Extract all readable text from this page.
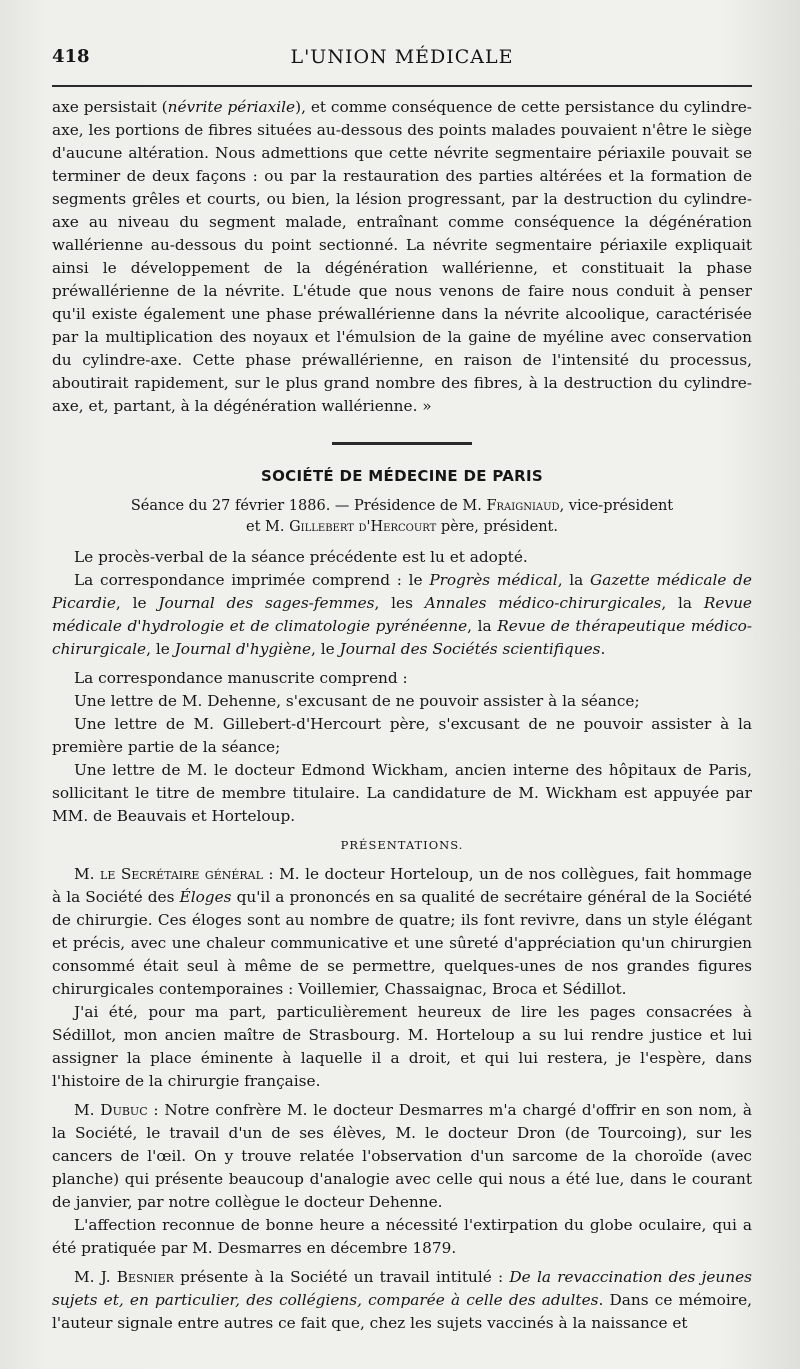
418	L'UNION MÉDICALE

axe persistait (névrite périaxile), et comme conséquence de cette persistance du cylindre-axe, les portions de fibres situées au-dessous des points malades pouvaient n'être le siège d'aucune altération. Nous admettions que cette névrite segmentaire périaxile pouvait se terminer de deux façons : ou par la restauration des parties altérées et la formation de segments grêles et courts, ou bien, la lésion progressant, par la destruction du cylindre-axe au niveau du segment malade, entraînant comme conséquence la dégénération wallérienne au-dessous du point sectionné. La névrite segmentaire périaxile expliquait ainsi le développement de la dégénération wallérienne, et constituait la phase préwallérienne de la névrite. L'étude que nous venons de faire nous conduit à penser qu'il existe également une phase préwallérienne dans la névrite alcoolique, caractérisée par la multiplication des noyaux et l'émulsion de la gaine de myéline avec conservation du cylindre-axe. Cette phase préwallérienne, en raison de l'intensité du processus, aboutirait rapidement, sur le plus grand nombre des fibres, à la destruction du cylindre-axe, et, partant, à la dégénération wallérienne. »

SOCIÉTÉ DE MÉDECINE DE PARIS
Séance du 27 février 1886. — Présidence de M. Fraigniaud, vice-président
et M. Gillebert d'Hercourt père, président.

Le procès-verbal de la séance précédente est lu et adopté.

La correspondance imprimée comprend : le Progrès médical, la Gazette médicale de Picardie, le Journal des sages-femmes, les Annales médico-chirurgicales, la Revue médicale d'hydrologie et de climatologie pyrénéenne, la Revue de thérapeutique médico-chirurgicale, le Journal d'hygiène, le Journal des Sociétés scientifiques.

La correspondance manuscrite comprend :

Une lettre de M. Dehenne, s'excusant de ne pouvoir assister à la séance;

Une lettre de M. Gillebert-d'Hercourt père, s'excusant de ne pouvoir assister à la première partie de la séance;

Une lettre de M. le docteur Edmond Wickham, ancien interne des hôpitaux de Paris, sollicitant le titre de membre titulaire. La candidature de M. Wickham est appuyée par MM. de Beauvais et Horteloup.

PRÉSENTATIONS.

M. le Secrétaire général : M. le docteur Horteloup, un de nos collègues, fait hommage à la Société des Éloges qu'il a prononcés en sa qualité de secrétaire général de la Société de chirurgie. Ces éloges sont au nombre de quatre; ils font revivre, dans un style élégant et précis, avec une chaleur communicative et une sûreté d'appréciation qu'un chirurgien consommé était seul à même de se permettre, quelques-unes de nos grandes figures chirurgicales contemporaines : Voillemier, Chassaignac, Broca et Sédillot.

J'ai été, pour ma part, particulièrement heureux de lire les pages consacrées à Sédillot, mon ancien maître de Strasbourg. M. Horteloup a su lui rendre justice et lui assigner la place éminente à laquelle il a droit, et qui lui restera, je l'espère, dans l'histoire de la chirurgie française.

M. Dubuc : Notre confrère M. le docteur Desmarres m'a chargé d'offrir en son nom, à la Société, le travail d'un de ses élèves, M. le docteur Dron (de Tourcoing), sur les cancers de l'œil. On y trouve relatée l'observation d'un sarcome de la choroïde (avec planche) qui présente beaucoup d'analogie avec celle qui nous a été lue, dans le courant de janvier, par notre collègue le docteur Dehenne.

L'affection reconnue de bonne heure a nécessité l'extirpation du globe oculaire, qui a été pratiquée par M. Desmarres en décembre 1879.

M. J. Besnier présente à la Société un travail intitulé : De la revaccination des jeunes sujets et, en particulier, des collégiens, comparée à celle des adultes. Dans ce mémoire, l'auteur signale entre autres ce fait que, chez les sujets vaccinés à la naissance et
